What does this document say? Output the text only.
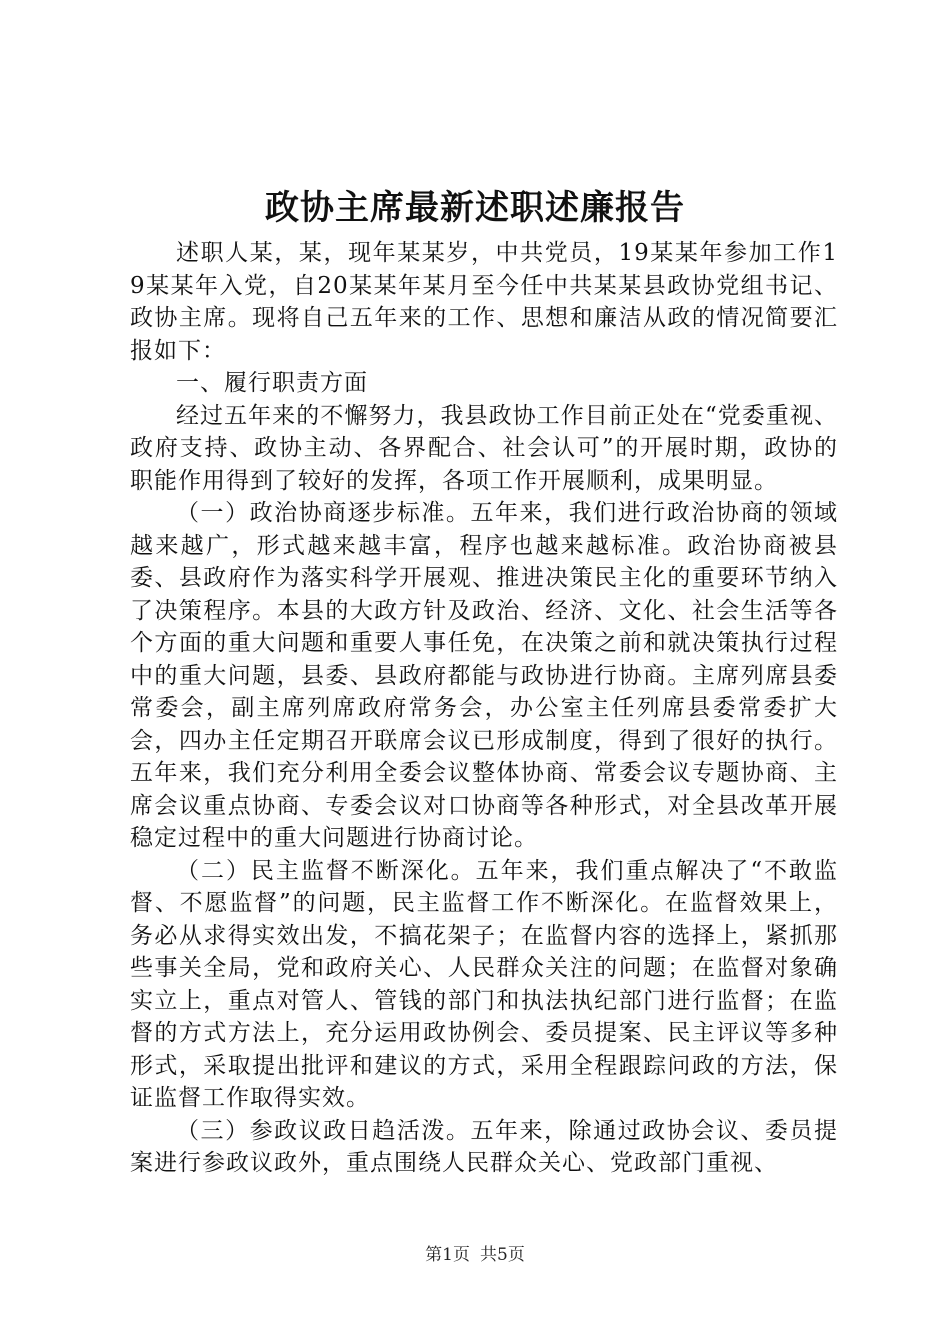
政协主席最新述职述廉报告

述职人某，某，现年某某岁，中共党员，19某某年参加工作19某某年入党，自20某某年某月至今任中共某某县政协党组书记、政协主席。现将自己五年来的工作、思想和廉洁从政的情况简要汇报如下：

一、履行职责方面

经过五年来的不懈努力，我县政协工作目前正处在“党委重视、政府支持、政协主动、各界配合、社会认可”的开展时期，政协的职能作用得到了较好的发挥，各项工作开展顺利，成果明显。

（一）政治协商逐步标准。五年来，我们进行政治协商的领域越来越广，形式越来越丰富，程序也越来越标准。政治协商被县委、县政府作为落实科学开展观、推进决策民主化的重要环节纳入了决策程序。本县的大政方针及政治、经济、文化、社会生活等各个方面的重大问题和重要人事任免，在决策之前和就决策执行过程中的重大问题，县委、县政府都能与政协进行协商。主席列席县委常委会，副主席列席政府常务会，办公室主任列席县委常委扩大会，四办主任定期召开联席会议已形成制度，得到了很好的执行。五年来，我们充分利用全委会议整体协商、常委会议专题协商、主席会议重点协商、专委会议对口协商等各种形式，对全县改革开展稳定过程中的重大问题进行协商讨论。

（二）民主监督不断深化。五年来，我们重点解决了“不敢监督、不愿监督”的问题，民主监督工作不断深化。在监督效果上，务必从求得实效出发，不搞花架子；在监督内容的选择上，紧抓那些事关全局，党和政府关心、人民群众关注的问题；在监督对象确实立上，重点对管人、管钱的部门和执法执纪部门进行监督；在监督的方式方法上，充分运用政协例会、委员提案、民主评议等多种形式，采取提出批评和建议的方式，采用全程跟踪问政的方法，保证监督工作取得实效。

（三）参政议政日趋活泼。五年来，除通过政协会议、委员提案进行参政议政外，重点围绕人民群众关心、党政部门重视、

第1页 共5页
